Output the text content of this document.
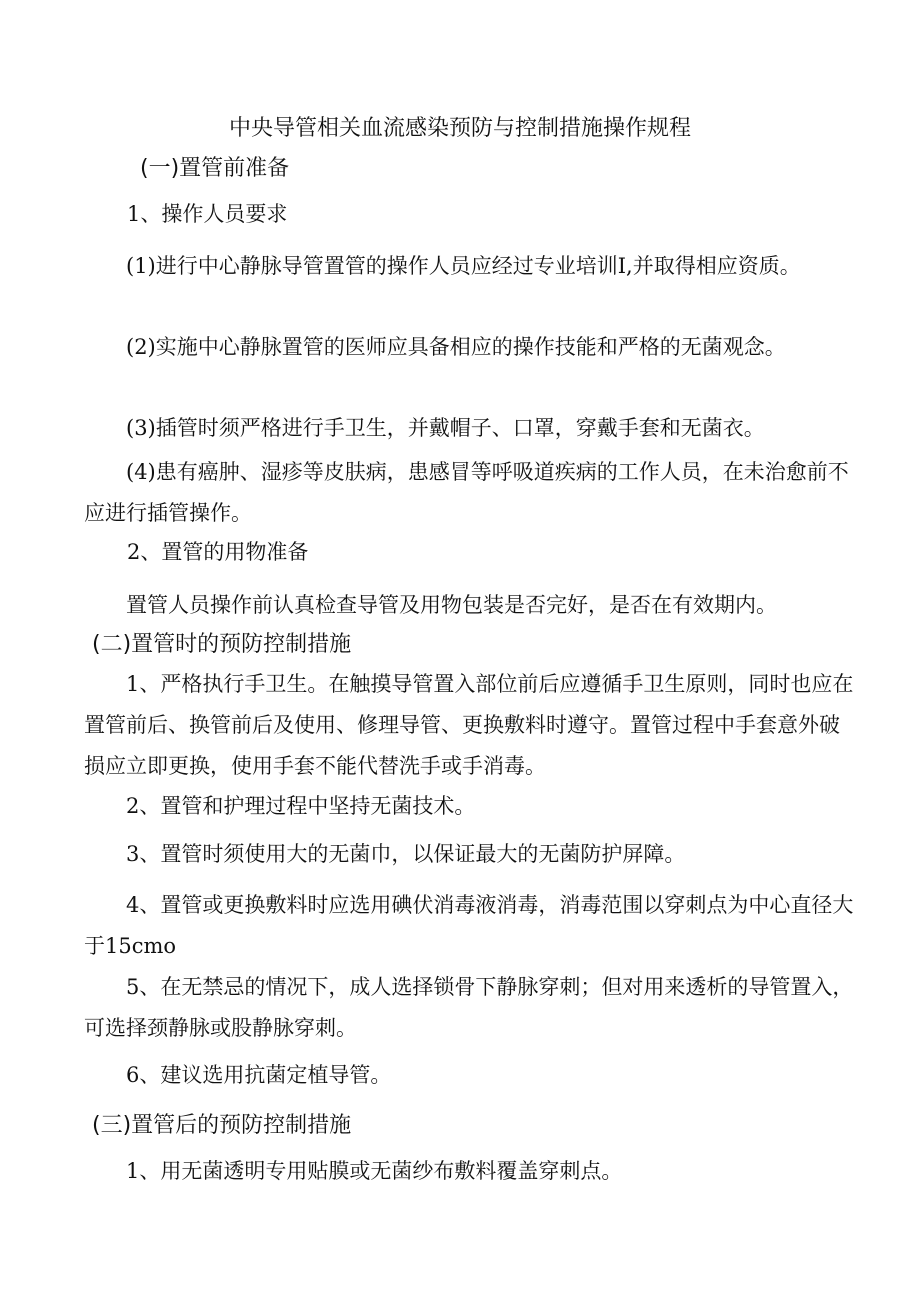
中央导管相关血流感染预防与控制措施操作规程
(一)置管前准备
1、操作人员要求
(1)进行中心静脉导管置管的操作人员应经过专业培训I,并取得相应资质。
(2)实施中心静脉置管的医师应具备相应的操作技能和严格的无菌观念。
(3)插管时须严格进行手卫生，并戴帽子、口罩，穿戴手套和无菌衣。
(4)患有癌肿、湿疹等皮肤病，患感冒等呼吸道疾病的工作人员，在未治愈前不应进行插管操作。
2、置管的用物准备
置管人员操作前认真检查导管及用物包装是否完好，是否在有效期内。
(二)置管时的预防控制措施
1、严格执行手卫生。在触摸导管置入部位前后应遵循手卫生原则，同时也应在置管前后、换管前后及使用、修理导管、更换敷料时遵守。置管过程中手套意外破损应立即更换，使用手套不能代替洗手或手消毒。
2、置管和护理过程中坚持无菌技术。
3、置管时须使用大的无菌巾，以保证最大的无菌防护屏障。
4、置管或更换敷料时应选用碘伏消毒液消毒，消毒范围以穿刺点为中心直径大于15cmo
5、在无禁忌的情况下，成人选择锁骨下静脉穿刺；但对用来透析的导管置入，可选择颈静脉或股静脉穿刺。
6、建议选用抗菌定植导管。
(三)置管后的预防控制措施
1、用无菌透明专用贴膜或无菌纱布敷料覆盖穿刺点。
